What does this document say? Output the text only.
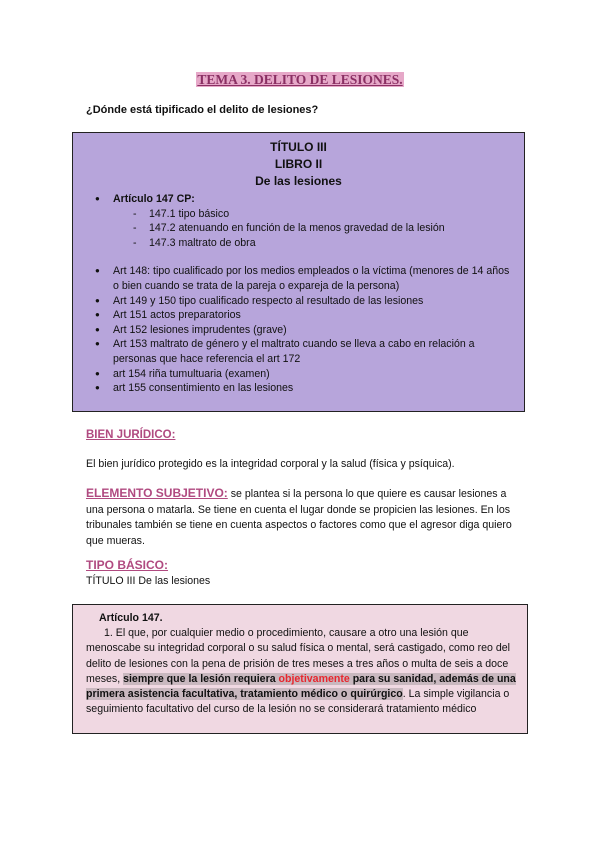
TEMA 3. DELITO DE LESIONES.
¿Dónde está tipificado el delito de lesiones?
TÍTULO III
LIBRO II
De las lesiones
● Artículo 147 CP:
- 147.1 tipo básico
- 147.2 atenuando en función de la menos gravedad de la lesión
- 147.3 maltrato de obra
● Art 148: tipo cualificado por los medios empleados o la víctima (menores de 14 años o bien cuando se trata de la pareja o expareja de la persona)
● Art 149 y 150 tipo cualificado respecto al resultado de las lesiones
● Art 151 actos preparatorios
● Art 152 lesiones imprudentes (grave)
● Art 153 maltrato de género y el maltrato cuando se lleva a cabo en relación a personas que hace referencia el art 172
● art 154 riña tumultuaria (examen)
● art 155 consentimiento en las lesiones
BIEN JURÍDICO:
El bien jurídico protegido es la integridad corporal y la salud (física y psíquica).
ELEMENTO SUBJETIVO: se plantea si la persona lo que quiere es causar lesiones a una persona o matarla. Se tiene en cuenta el lugar donde se propicien las lesiones. En los tribunales también se tiene en cuenta aspectos o factores como que el agresor diga quiero que mueras.
TIPO BÁSICO:
TÍTULO III De las lesiones
Artículo 147.
1. El que, por cualquier medio o procedimiento, causare a otro una lesión que menoscabe su integridad corporal o su salud física o mental, será castigado, como reo del delito de lesiones con la pena de prisión de tres meses a tres años o multa de seis a doce meses, siempre que la lesión requiera objetivamente para su sanidad, además de una primera asistencia facultativa, tratamiento médico o quirúrgico. La simple vigilancia o seguimiento facultativo del curso de la lesión no se considerará tratamiento médico
